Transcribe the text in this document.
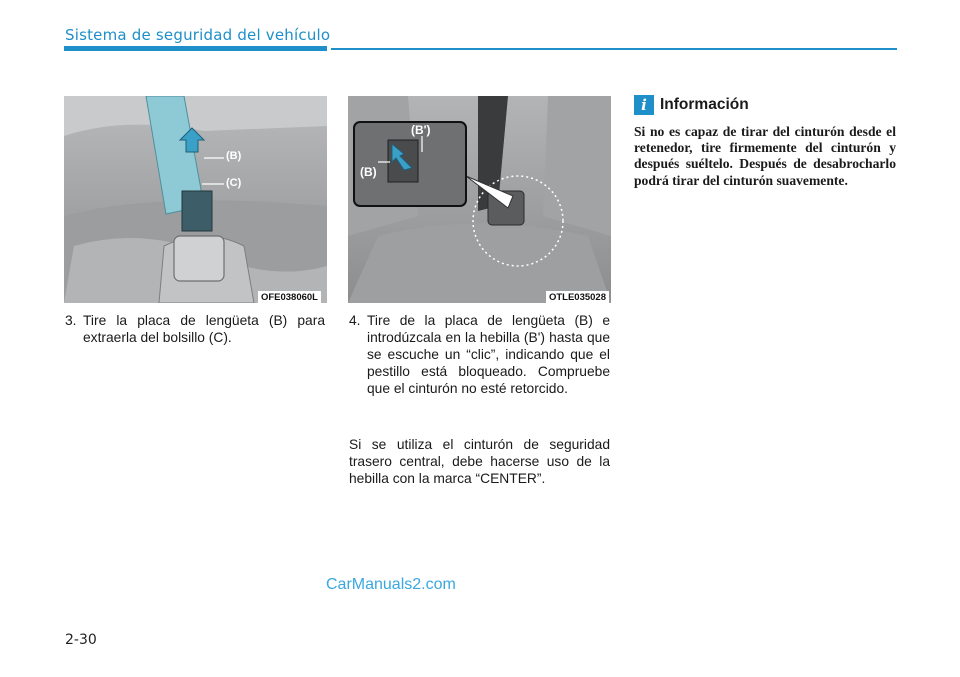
Sistema de seguridad del vehículo
(B)
(C)
OFE038060L
(B')
(B)
OTLE035028
3. Tire la placa de lengüeta (B) para extraerla del bolsillo (C).
4. Tire de la placa de lengüeta (B) e introdúzcala en la hebilla (B') hasta que se escuche un “clic”, indicando que el pestillo está bloqueado. Compruebe que el cinturón no esté retorcido.
Si se utiliza el cinturón de seguridad trasero central, debe hacerse uso de la hebilla con la marca “CENTER”.
i Información
Si no es capaz de tirar del cinturón desde el retenedor, tire firmemente del cinturón y después suéltelo. Después de desabrocharlo podrá tirar del cinturón suavemente.
CarManuals2.com
2-30
